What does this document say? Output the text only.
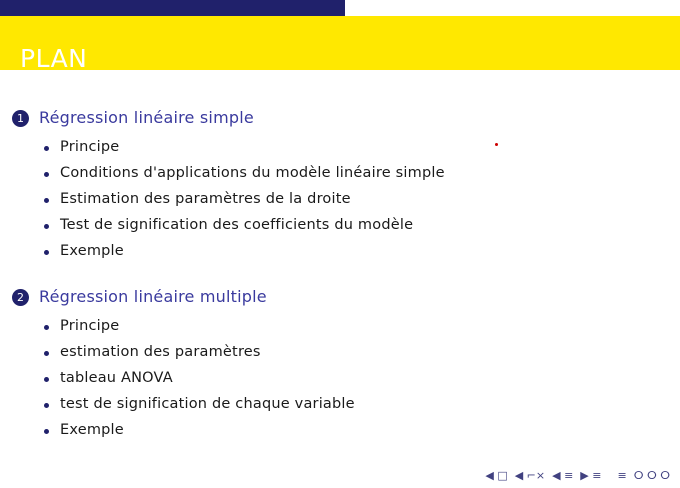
PLAN
1 Régression linéaire simple
Principe
Conditions d'applications du modèle linéaire simple
Estimation des paramètres de la droite
Test de signification des coefficients du modèle
Exemple
2 Régression linéaire multiple
Principe
estimation des paramètres
tableau ANOVA
test de signification de chaque variable
Exemple
◀ □ ◀ ⌐× ◀ ≡ ▶ ≡ ≡ ⵔ ⵔ ⵔ
